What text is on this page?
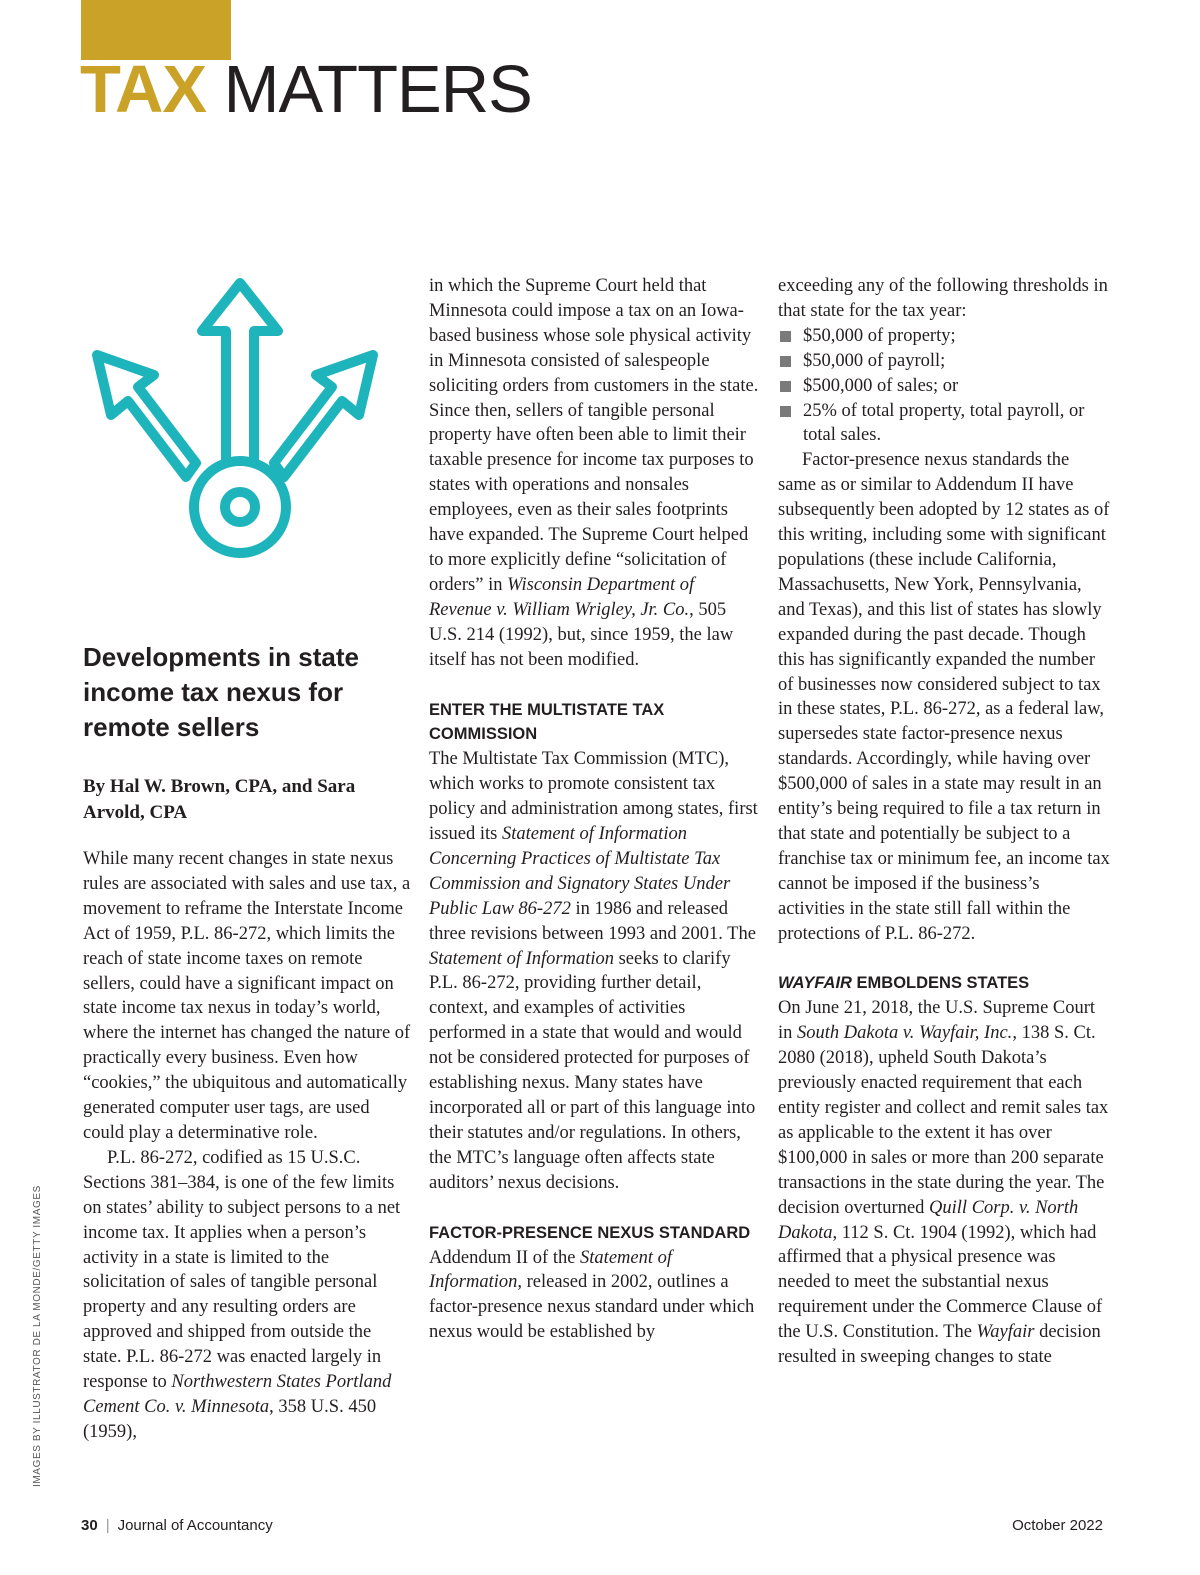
TAX MATTERS
Developments in state income tax nexus for remote sellers

By Hal W. Brown, CPA, and Sara Arvold, CPA

While many recent changes in state nexus rules are associated with sales and use tax, a movement to reframe the Interstate Income Act of 1959, P.L. 86-272, which limits the reach of state income taxes on remote sellers, could have a significant impact on state income tax nexus in today’s world, where the internet has changed the nature of practically every business. Even how “cookies,” the ubiquitous and automatically generated computer user tags, are used could play a determinative role.

P.L. 86-272, codified as 15 U.S.C. Sections 381–384, is one of the few limits on states’ ability to subject persons to a net income tax. It applies when a person’s activity in a state is limited to the solicitation of sales of tangible personal property and any resulting orders are approved and shipped from outside the state. P.L. 86-272 was enacted largely in response to Northwestern States Portland Cement Co. v. Minnesota, 358 U.S. 450 (1959),

in which the Supreme Court held that Minnesota could impose a tax on an Iowa-based business whose sole physical activity in Minnesota consisted of salespeople soliciting orders from customers in the state. Since then, sellers of tangible personal property have often been able to limit their taxable presence for income tax purposes to states with operations and nonsales employees, even as their sales footprints have expanded. The Supreme Court helped to more explicitly define “solicitation of orders” in Wisconsin Department of Revenue v. William Wrigley, Jr. Co., 505 U.S. 214 (1992), but, since 1959, the law itself has not been modified.

ENTER THE MULTISTATE TAX COMMISSION

The Multistate Tax Commission (MTC), which works to promote consistent tax policy and administration among states, first issued its Statement of Information Concerning Practices of Multistate Tax Commission and Signatory States Under Public Law 86-272 in 1986 and released three revisions between 1993 and 2001. The Statement of Information seeks to clarify P.L. 86-272, providing further detail, context, and examples of activities performed in a state that would and would not be considered protected for purposes of establishing nexus. Many states have incorporated all or part of this language into their statutes and/or regulations. In others, the MTC’s language often affects state auditors’ nexus decisions.

FACTOR-PRESENCE NEXUS STANDARD

Addendum II of the Statement of Information, released in 2002, outlines a factor-presence nexus standard under which nexus would be established by

exceeding any of the following thresholds in that state for the tax year:

$50,000 of property;
$50,000 of payroll;
$500,000 of sales; or
25% of total property, total payroll, or total sales.

Factor-presence nexus standards the same as or similar to Addendum II have subsequently been adopted by 12 states as of this writing, including some with significant populations (these include California, Massachusetts, New York, Pennsylvania, and Texas), and this list of states has slowly expanded during the past decade. Though this has significantly expanded the number of businesses now considered subject to tax in these states, P.L. 86-272, as a federal law, supersedes state factor-presence nexus standards. Accordingly, while having over $500,000 of sales in a state may result in an entity’s being required to file a tax return in that state and potentially be subject to a franchise tax or minimum fee, an income tax cannot be imposed if the business’s activities in the state still fall within the protections of P.L. 86-272.

WAYFAIR EMBOLDENS STATES

On June 21, 2018, the U.S. Supreme Court in South Dakota v. Wayfair, Inc., 138 S. Ct. 2080 (2018), upheld South Dakota’s previously enacted requirement that each entity register and collect and remit sales tax as applicable to the extent it has over $100,000 in sales or more than 200 separate transactions in the state during the year. The decision overturned Quill Corp. v. North Dakota, 112 S. Ct. 1904 (1992), which had affirmed that a physical presence was needed to meet the substantial nexus requirement under the Commerce Clause of the U.S. Constitution. The Wayfair decision resulted in sweeping changes to state

IMAGES BY ILLUSTRATOR DE LA MONDE/GETTY IMAGES
30 | Journal of Accountancy	October 2022
